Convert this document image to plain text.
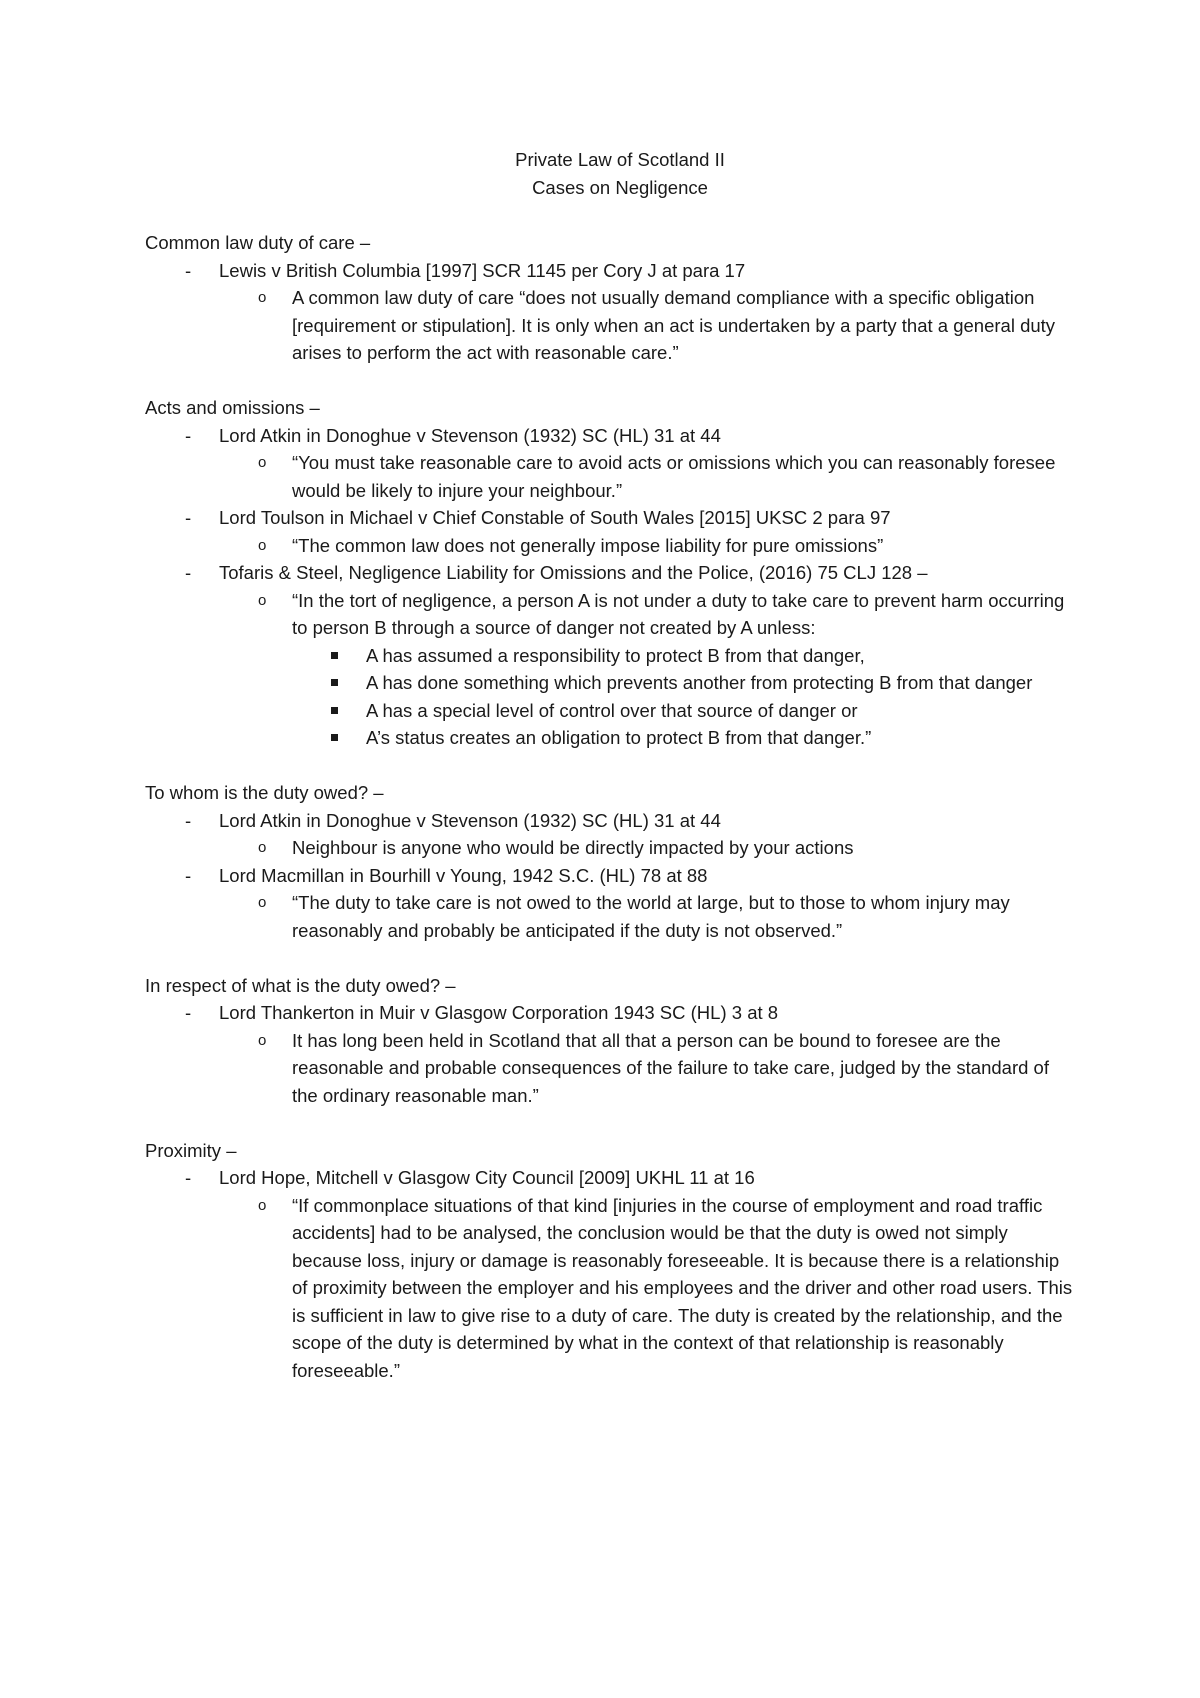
Private Law of Scotland II
Cases on Negligence

Common law duty of care –

- Lewis v British Columbia [1997] SCR 1145 per Cory J at para 17
o A common law duty of care “does not usually demand compliance with a specific obligation [requirement or stipulation]. It is only when an act is undertaken by a party that a general duty arises to perform the act with reasonable care.”

Acts and omissions –

- Lord Atkin in Donoghue v Stevenson (1932) SC (HL) 31 at 44
o “You must take reasonable care to avoid acts or omissions which you can reasonably foresee would be likely to injure your neighbour.”
- Lord Toulson in Michael v Chief Constable of South Wales [2015] UKSC 2 para 97
o “The common law does not generally impose liability for pure omissions”
- Tofaris & Steel, Negligence Liability for Omissions and the Police, (2016) 75 CLJ 128 –
o “In the tort of negligence, a person A is not under a duty to take care to prevent harm occurring to person B through a source of danger not created by A unless:
A has assumed a responsibility to protect B from that danger,
A has done something which prevents another from protecting B from that danger
A has a special level of control over that source of danger or
A’s status creates an obligation to protect B from that danger.”

To whom is the duty owed? –

- Lord Atkin in Donoghue v Stevenson (1932) SC (HL) 31 at 44
o Neighbour is anyone who would be directly impacted by your actions
- Lord Macmillan in Bourhill v Young, 1942 S.C. (HL) 78 at 88
o “The duty to take care is not owed to the world at large, but to those to whom injury may reasonably and probably be anticipated if the duty is not observed.”

In respect of what is the duty owed? –

- Lord Thankerton in Muir v Glasgow Corporation 1943 SC (HL) 3 at 8
o It has long been held in Scotland that all that a person can be bound to foresee are the reasonable and probable consequences of the failure to take care, judged by the standard of the ordinary reasonable man.”

Proximity –

- Lord Hope, Mitchell v Glasgow City Council [2009] UKHL 11 at 16
o “If commonplace situations of that kind [injuries in the course of employment and road traffic accidents] had to be analysed, the conclusion would be that the duty is owed not simply because loss, injury or damage is reasonably foreseeable. It is because there is a relationship of proximity between the employer and his employees and the driver and other road users. This is sufficient in law to give rise to a duty of care. The duty is created by the relationship, and the scope of the duty is determined by what in the context of that relationship is reasonably foreseeable.”
